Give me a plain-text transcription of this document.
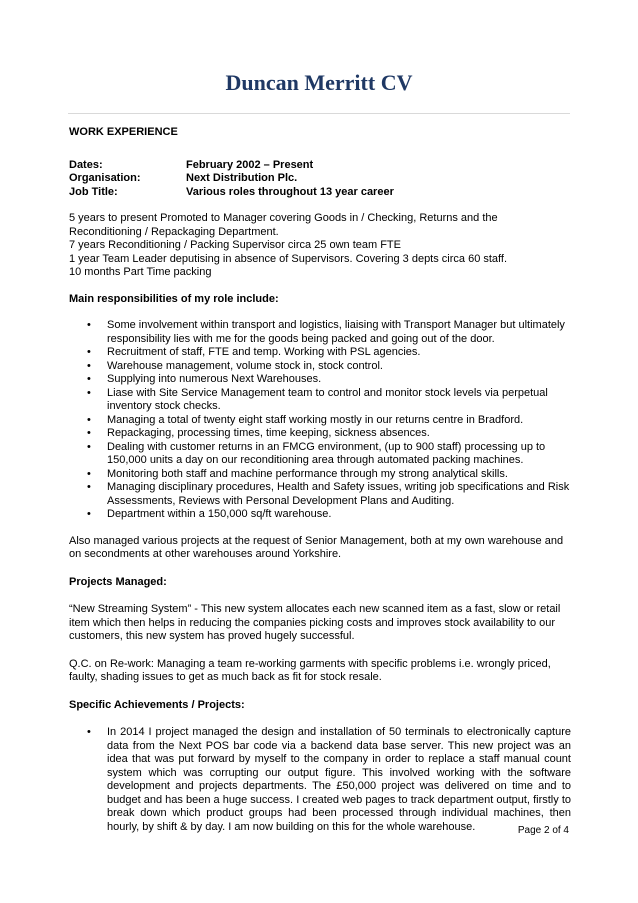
Duncan Merritt CV

WORK EXPERIENCE

Dates:	February 2002 – Present
Organisation:	Next Distribution Plc.
Job Title:	Various roles throughout 13 year career

5 years to present Promoted to Manager covering Goods in / Checking, Returns and the Reconditioning / Repackaging Department.

7 years Reconditioning / Packing Supervisor circa 25 own team FTE

1 year Team Leader deputising in absence of Supervisors. Covering 3 depts circa 60 staff.

10 months Part Time packing

Main responsibilities of my role include:

• Some involvement within transport and logistics, liaising with Transport Manager but ultimately responsibility lies with me for the goods being packed and going out of the door.
• Recruitment of staff, FTE and temp. Working with PSL agencies.
• Warehouse management, volume stock in, stock control.
• Supplying into numerous Next Warehouses.
• Liase with Site Service Management team to control and monitor stock levels via perpetual inventory stock checks.
• Managing a total of twenty eight staff working mostly in our returns centre in Bradford.
• Repackaging, processing times, time keeping, sickness absences.
• Dealing with customer returns in an FMCG environment, (up to 900 staff) processing up to 150,000 units a day on our reconditioning area through automated packing machines.
• Monitoring both staff and machine performance through my strong analytical skills.
• Managing disciplinary procedures, Health and Safety issues, writing job specifications and Risk Assessments, Reviews with Personal Development Plans and Auditing.
• Department within a 150,000 sq/ft warehouse.

Also managed various projects at the request of Senior Management, both at my own warehouse and on secondments at other warehouses around Yorkshire.

Projects Managed:

“New Streaming System” - This new system allocates each new scanned item as a fast, slow or retail item which then helps in reducing the companies picking costs and improves stock availability to our customers, this new system has proved hugely successful.

Q.C. on Re-work: Managing a team re-working garments with specific problems i.e. wrongly priced, faulty, shading issues to get as much back as fit for stock resale.

Specific Achievements / Projects:

• In 2014 I project managed the design and installation of 50 terminals to electronically capture data from the Next POS bar code via a backend data base server. This new project was an idea that was put forward by myself to the company in order to replace a staff manual count system which was corrupting our output figure. This involved working with the software development and projects departments. The £50,000 project was delivered on time and to budget and has been a huge success. I created web pages to track department output, firstly to break down which product groups had been processed through individual machines, then hourly, by shift & by day. I am now building on this for the whole warehouse.	Page 2 of 4
